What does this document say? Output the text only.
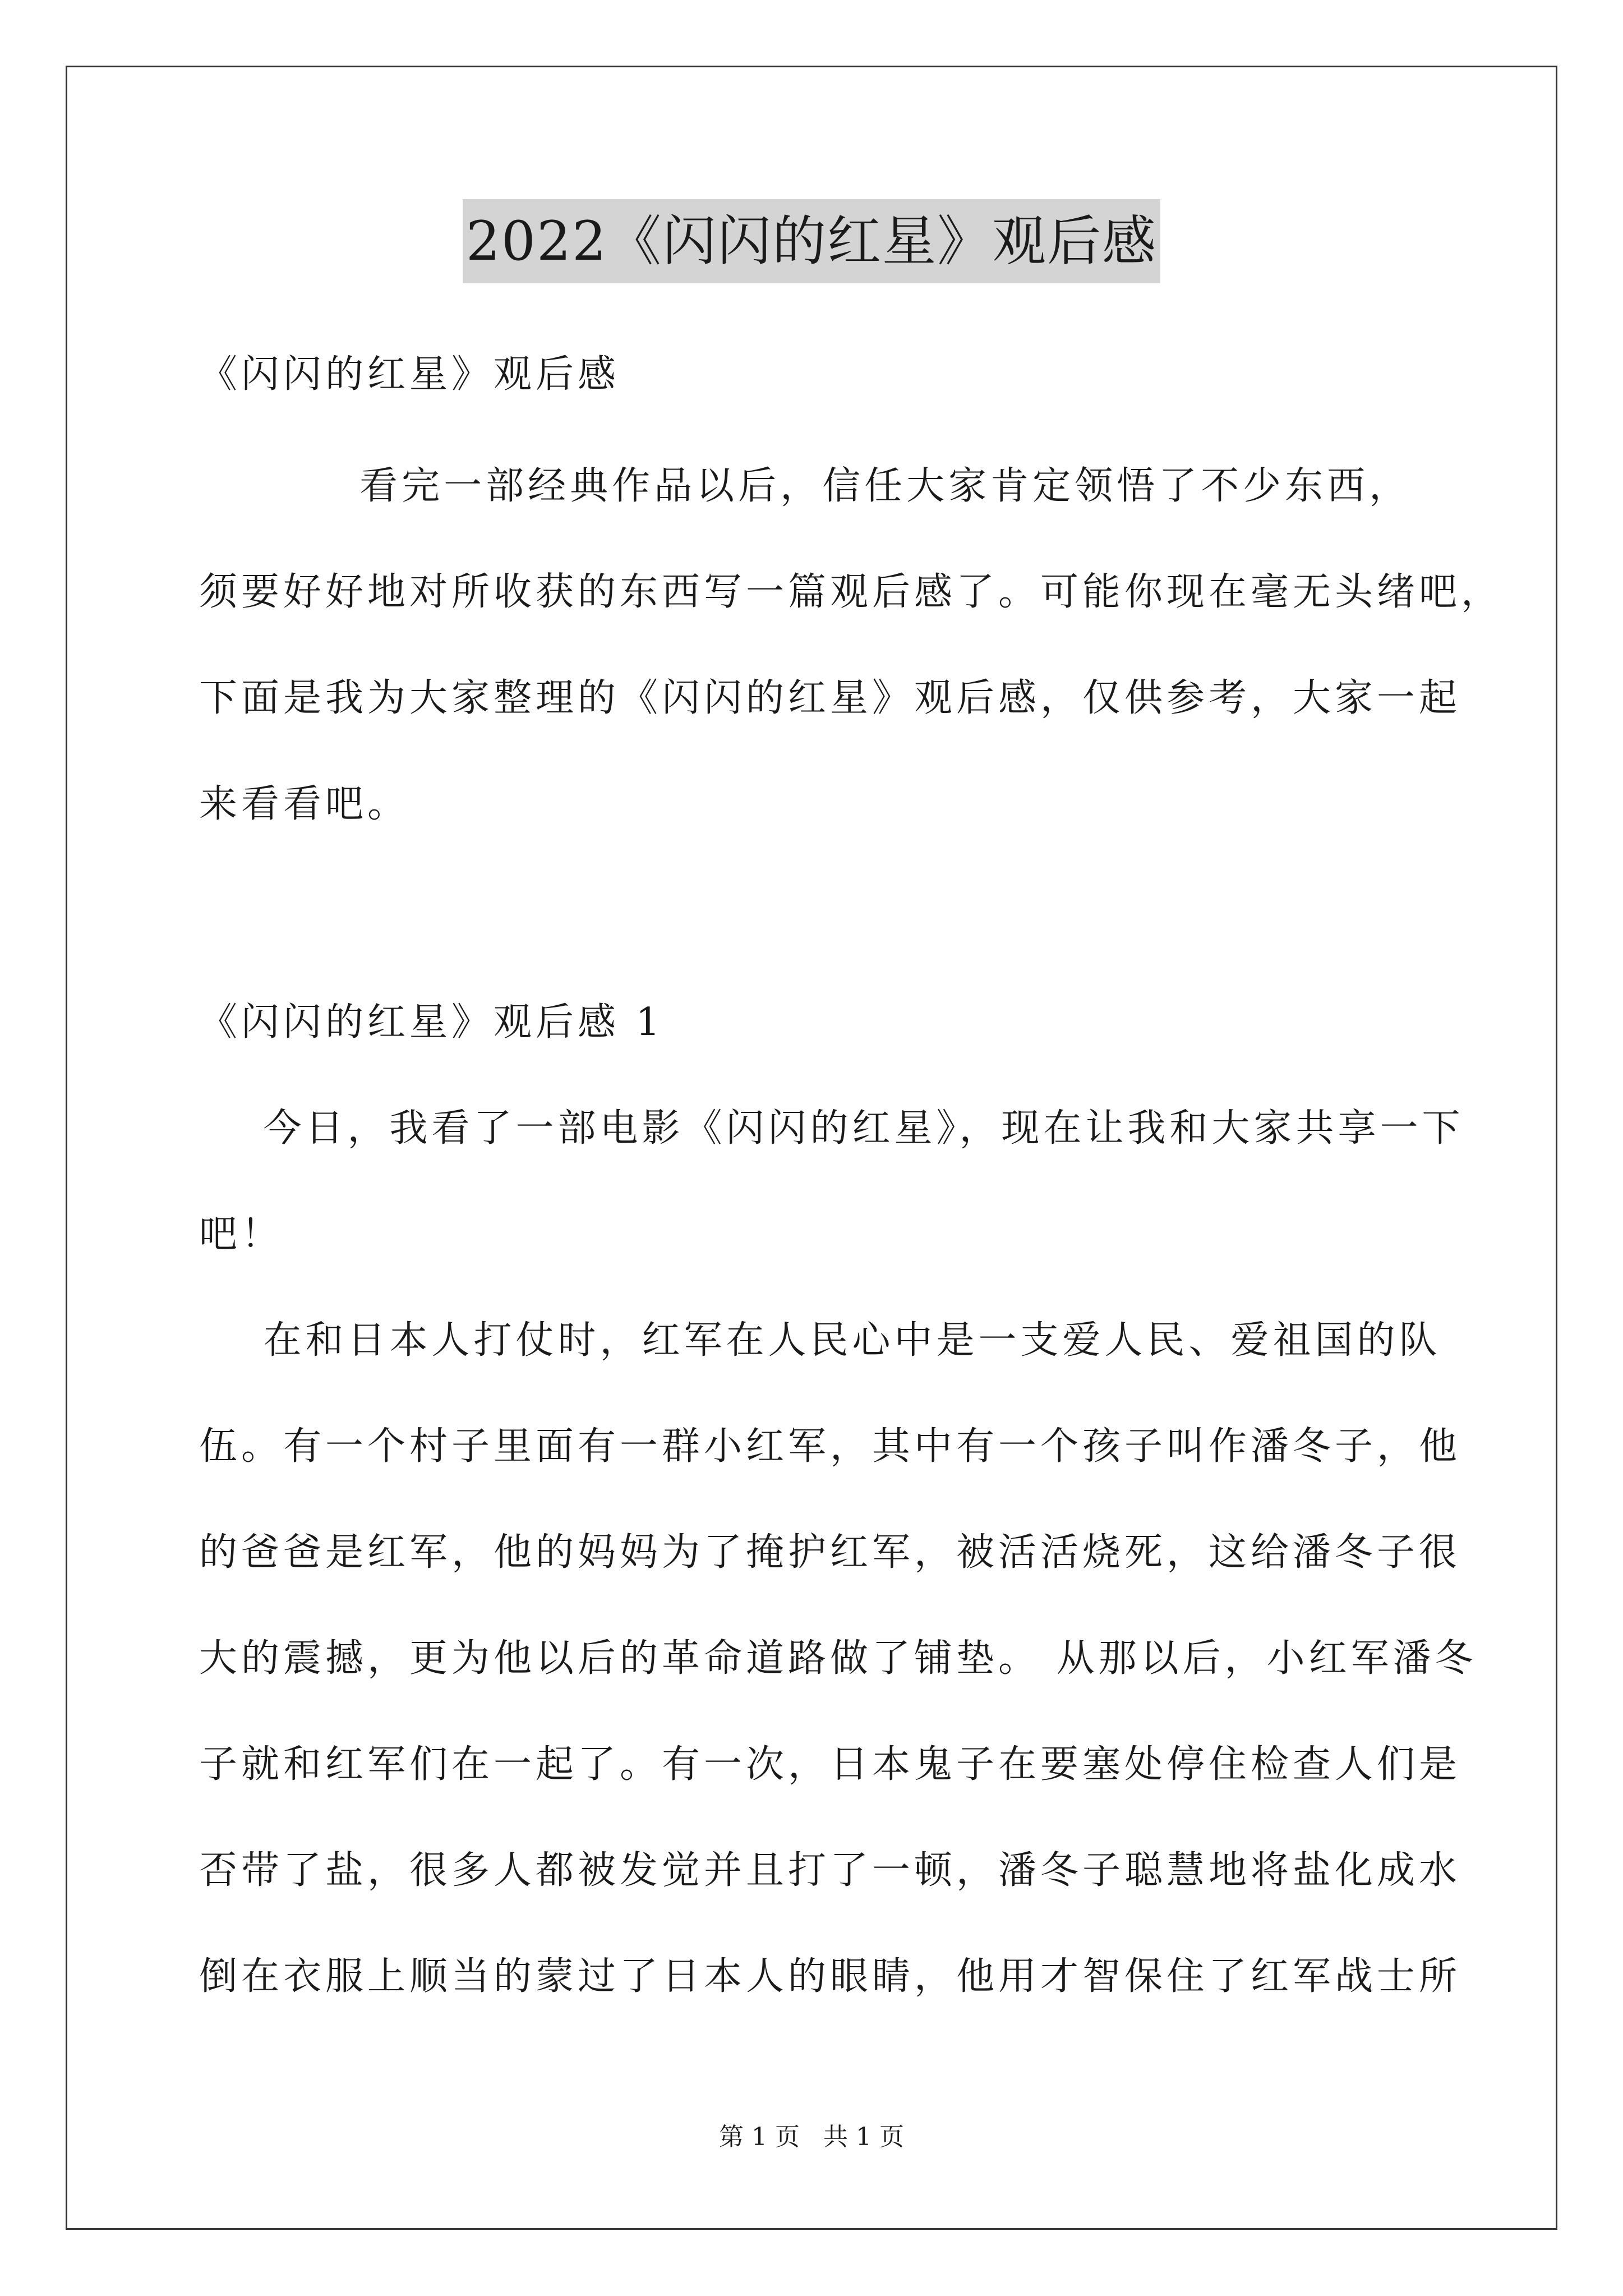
2022《闪闪的红星》观后感
《闪闪的红星》观后感
看完一部经典作品以后，信任大家肯定领悟了不少东西，
须要好好地对所收获的东西写一篇观后感了。可能你现在毫无头绪吧，
下面是我为大家整理的《闪闪的红星》观后感，仅供参考，大家一起
来看看吧。
《闪闪的红星》观后感 1
今日，我看了一部电影《闪闪的红星》，现在让我和大家共享一下
吧！
在和日本人打仗时，红军在人民心中是一支爱人民、爱祖国的队
伍。有一个村子里面有一群小红军，其中有一个孩子叫作潘冬子，他
的爸爸是红军，他的妈妈为了掩护红军，被活活烧死，这给潘冬子很
大的震撼，更为他以后的革命道路做了铺垫。 从那以后，小红军潘冬
子就和红军们在一起了。有一次，日本鬼子在要塞处停住检查人们是
否带了盐，很多人都被发觉并且打了一顿，潘冬子聪慧地将盐化成水
倒在衣服上顺当的蒙过了日本人的眼睛，他用才智保住了红军战士所
第 1 页 共 1 页
